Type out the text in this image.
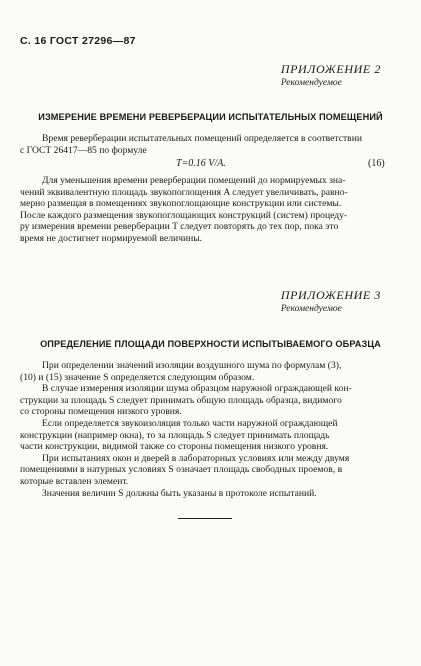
С. 16 ГОСТ 27296—87
ПРИЛОЖЕНИЕ 2
Рекомендуемое
ИЗМЕРЕНИЕ ВРЕМЕНИ РЕВЕРБЕРАЦИИ ИСПЫТАТЕЛЬНЫХ ПОМЕЩЕНИЙ
Время реверберации испытательных помещений определяется в соответствии
с ГОСТ 26417—85 по формуле
T=0.16 V/A.	(16)
Для уменьшения времени реверберации помещений до нормируемых зна-
чений эквивалентную площадь звукопоглощения A следует увеличивать, равно-
мерно размещая в помещениях звукопоглощающие конструкции или системы.
После каждого размещения звукопоглощающих конструкций (систем) процеду-
ру измерения времени реверберации T следует повторять до тех пор, пока это
время не достигнет нормируемой величины.
ПРИЛОЖЕНИЕ 3
Рекомендуемое
ОПРЕДЕЛЕНИЕ ПЛОЩАДИ ПОВЕРХНОСТИ ИСПЫТЫВАЕМОГО ОБРАЗЦА
При определении значений изоляции воздушного шума по формулам (3),
(10) и (15) значение S определяется следующим образом.
В случае измерения изоляции шума образцом наружной ограждающей кон-
струкции за площадь S следует принимать общую площадь образца, видимого
со стороны помещения низкого уровня.
Если определяется звукоизоляция только части наружной ограждающей
конструкции (например окна), то за площадь S следует принимать площадь
части конструкции, видимой также со стороны помещения низкого уровня.
При испытаниях окон и дверей в лабораторных условиях или между двумя
помещениями в натурных условиях S означает площадь свободных проемов, в
которые вставлен элемент.
Значения величин S должны быть указаны в протоколе испытаний.
